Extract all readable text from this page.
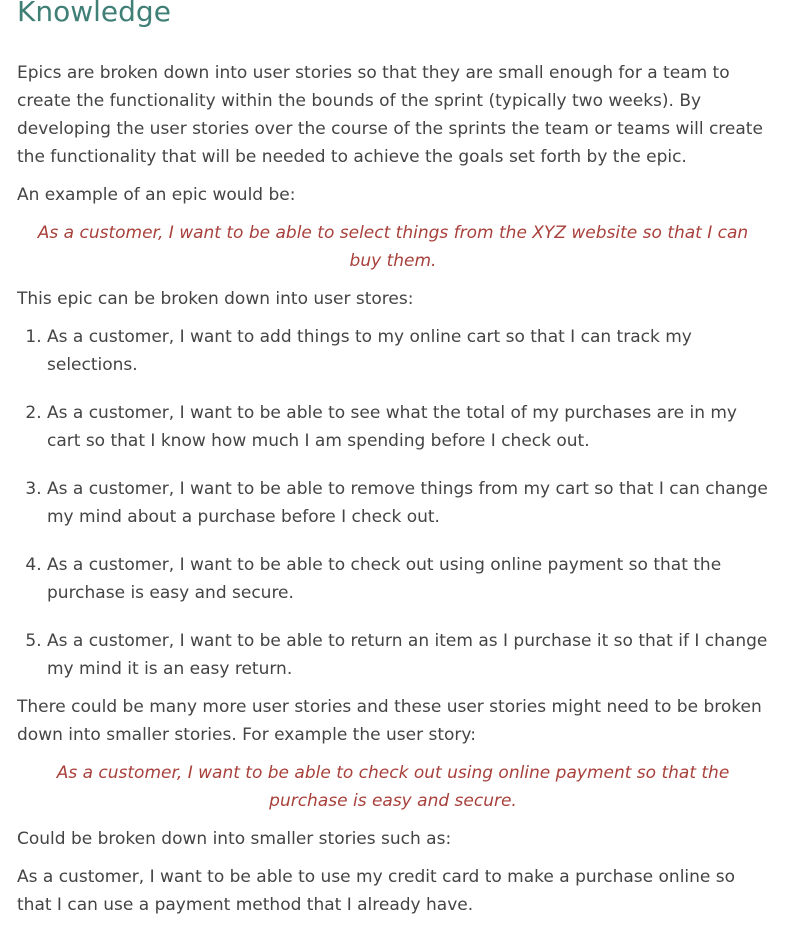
Knowledge

Epics are broken down into user stories so that they are small enough for a team to create the functionality within the bounds of the sprint (typically two weeks). By developing the user stories over the course of the sprints the team or teams will create the functionality that will be needed to achieve the goals set forth by the epic.

An example of an epic would be:

As a customer, I want to be able to select things from the XYZ website so that I can buy them.

This epic can be broken down into user stores:

1. As a customer, I want to add things to my online cart so that I can track my selections.
2. As a customer, I want to be able to see what the total of my purchases are in my cart so that I know how much I am spending before I check out.
3. As a customer, I want to be able to remove things from my cart so that I can change my mind about a purchase before I check out.
4. As a customer, I want to be able to check out using online payment so that the purchase is easy and secure.
5. As a customer, I want to be able to return an item as I purchase it so that if I change my mind it is an easy return.

There could be many more user stories and these user stories might need to be broken down into smaller stories. For example the user story:

As a customer, I want to be able to check out using online payment so that the purchase is easy and secure.

Could be broken down into smaller stories such as:

As a customer, I want to be able to use my credit card to make a purchase online so that I can use a payment method that I already have.
